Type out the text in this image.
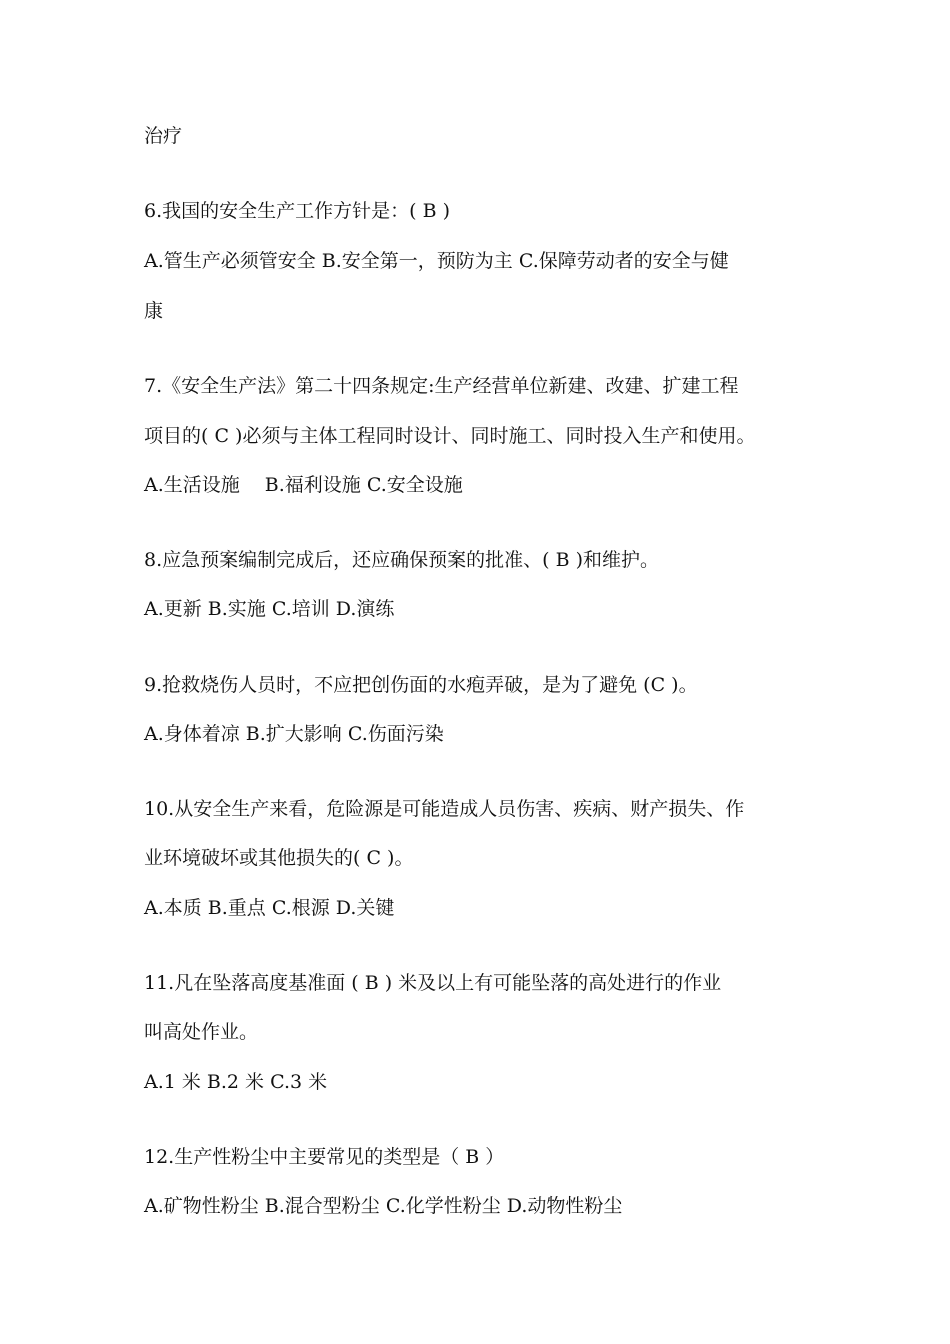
治疗

6.我国的安全生产工作方针是：( B )

A.管生产必须管安全 B.安全第一，预防为主 C.保障劳动者的安全与健

康

7.《安全生产法》第二十四条规定:生产经营单位新建、改建、扩建工程

项目的( C )必须与主体工程同时设计、同时施工、同时投入生产和使用。

A.生活设施　 B.福利设施 C.安全设施

8.应急预案编制完成后，还应确保预案的批准、( B )和维护。

A.更新 B.实施 C.培训 D.演练

9.抢救烧伤人员时，不应把创伤面的水疱弄破，是为了避免 (C )。

A.身体着凉 B.扩大影响 C.伤面污染

10.从安全生产来看，危险源是可能造成人员伤害、疾病、财产损失、作

业环境破坏或其他损失的( C )。

A.本质 B.重点 C.根源 D.关键

11.凡在坠落高度基准面 ( B ) 米及以上有可能坠落的高处进行的作业

叫高处作业。

A.1 米 B.2 米 C.3 米

12.生产性粉尘中主要常见的类型是（ B ）

A.矿物性粉尘 B.混合型粉尘 C.化学性粉尘 D.动物性粉尘
